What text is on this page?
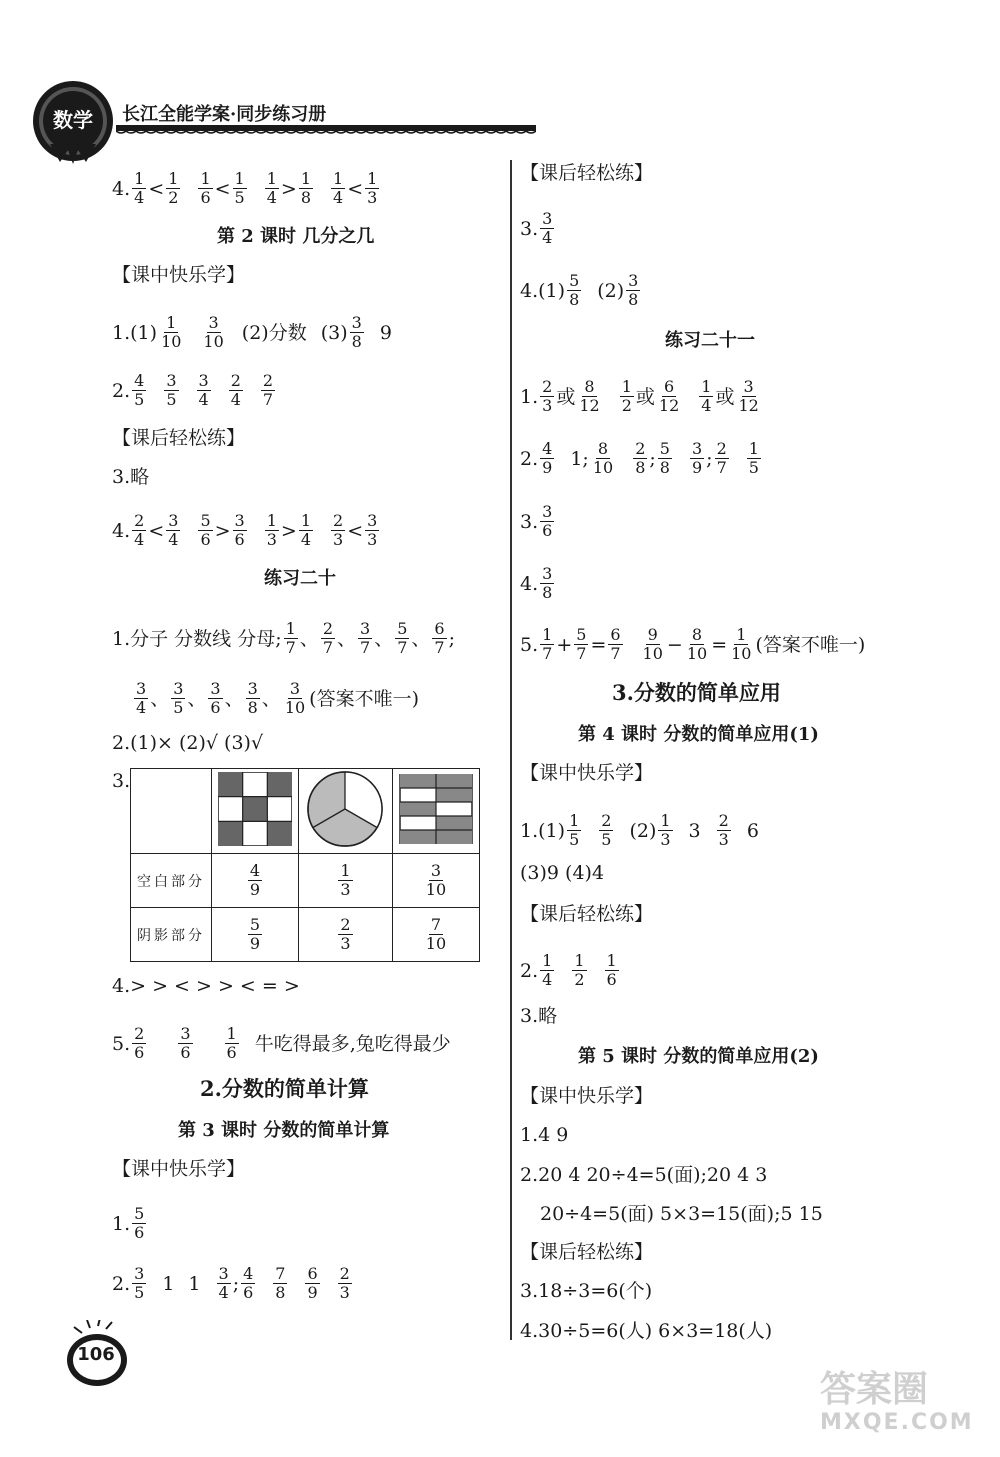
数学	长江全能学案·同步练习册
4. $\frac{1}{4} < \frac{1}{2} \frac{1}{6} < \frac{1}{5} \frac{1}{4} > \frac{1}{8} \frac{1}{4} < \frac{1}{3}$
第 2 课时 几分之几
【课中快乐学】
1. $(1) \frac{1}{10} \frac{3}{10} (2)$分数 $(3) \frac{3}{8} 9$
2. $\frac{4}{5} \frac{3}{5} \frac{3}{4} \frac{2}{4} \frac{2}{7}$
【课后轻松练】
3.略
4. $\frac{2}{4} < \frac{3}{4} \frac{5}{6} > \frac{3}{6} \frac{1}{3} > \frac{1}{4} \frac{2}{3} < \frac{3}{3}$
练习二十
1.分子 分数线 分母; $\frac{1}{7}$ 、 $\frac{2}{7}$ 、 $\frac{3}{7}$ 、 $\frac{5}{7}$ 、 $\frac{6}{7}$ ;
$\frac{3}{4}$ 、 $\frac{3}{5}$ 、 $\frac{3}{6}$ 、 $\frac{3}{8}$ 、 $\frac{3}{10}$ (答案不唯一)
2.(1)× (2)√ (3)√
3.

空白部分	$\frac{4}{9}$	$\frac{1}{3}$	$\frac{3}{10}$

阴影部分	$\frac{5}{9}$	$\frac{2}{3}$	$\frac{7}{10}$
4.> > < > > < = >
5. $\frac{2}{6} \frac{3}{6} \frac{1}{6}$ 牛吃得最多,兔吃得最少
2.分数的简单计算
第 3 课时 分数的简单计算
【课中快乐学】
1. $\frac{5}{6}$
2. $\frac{3}{5} 1$ $1 \frac{3}{4}$ ; $\frac{4}{6} \frac{7}{8} \frac{6}{9} \frac{2}{3}$
【课后轻松练】
3. $\frac{3}{4}$
4. $(1) \frac{5}{8} (2) \frac{3}{8}$
练习二十一
1. $\frac{2}{3}$ 或 $\frac{8}{12} \frac{1}{2}$ 或 $\frac{6}{12} \frac{1}{4}$ 或 $\frac{3}{12}$
2. $\frac{4}{9} 1$; $\frac{8}{10} \frac{2}{8}$ ; $\frac{5}{8} \frac{3}{9}$ ; $\frac{2}{7} \frac{1}{5}$
3. $\frac{3}{6}$
4. $\frac{3}{8}$
5. $\frac{1}{7} + \frac{5}{7} = \frac{6}{7} \frac{9}{10} - \frac{8}{10} = \frac{1}{10}$ (答案不唯一)
3.分数的简单应用
第 4 课时 分数的简单应用(1)
【课中快乐学】
1. $(1) \frac{1}{5} \frac{2}{5} (2) \frac{1}{3} 3 \frac{2}{3} 6$
(3)9 (4)4
【课后轻松练】
2. $\frac{1}{4} \frac{1}{2} \frac{1}{6}$
3.略
第 5 课时 分数的简单应用(2)
【课中快乐学】
1.4 9
2.20 4 20÷4=5(面);20 4 3
20÷4=5(面) 5×3=15(面);5 15
【课后轻松练】
3.18÷3=6(个)
4.30÷5=6(人) 6×3=18(人)
106
答案圈
MXQE.COM
